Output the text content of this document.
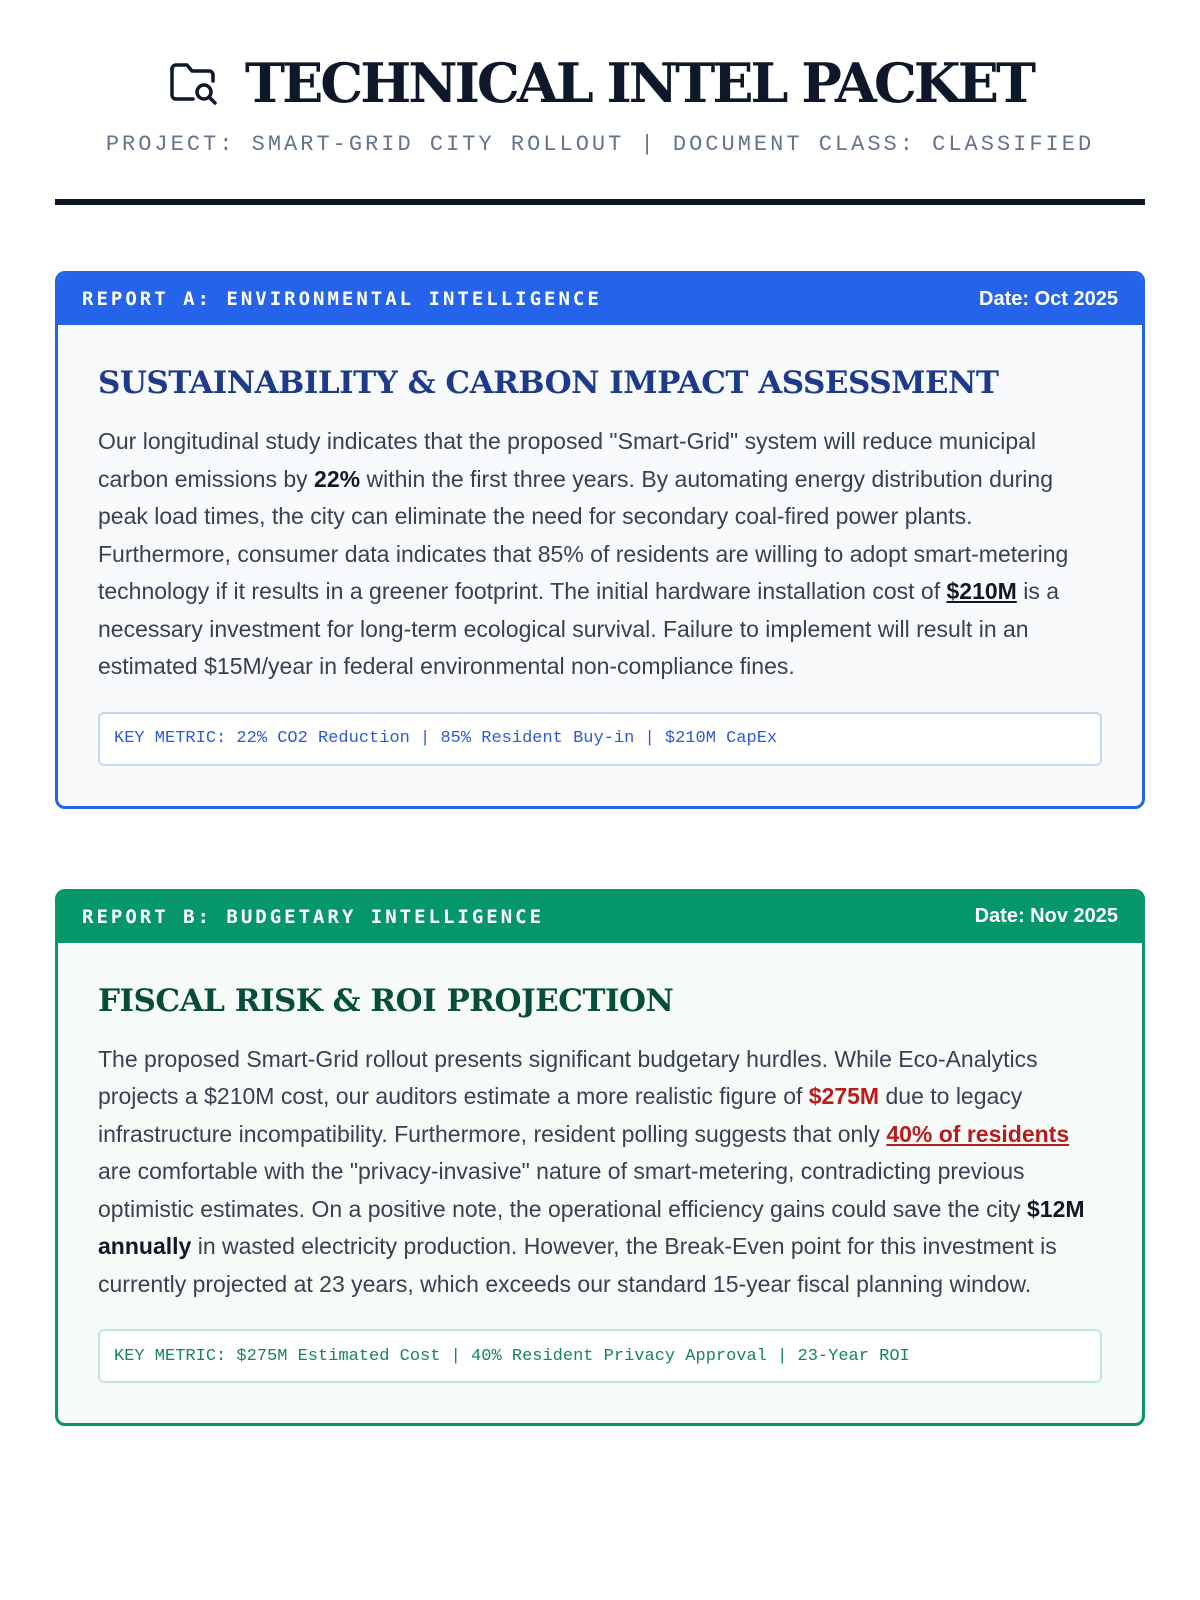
TECHNICAL INTEL PACKET
PROJECT: SMART-GRID CITY ROLLOUT | DOCUMENT CLASS: CLASSIFIED
REPORT A: ENVIRONMENTAL INTELLIGENCE	Date: Oct 2025
SUSTAINABILITY & CARBON IMPACT ASSESSMENT

Our longitudinal study indicates that the proposed "Smart-Grid" system will reduce municipal carbon emissions by 22% within the first three years. By automating energy distribution during peak load times, the city can eliminate the need for secondary coal-fired power plants. Furthermore, consumer data indicates that 85% of residents are willing to adopt smart-metering technology if it results in a greener footprint. The initial hardware installation cost of $210M is a necessary investment for long-term ecological survival. Failure to implement will result in an estimated $15M/year in federal environmental non-compliance fines.

KEY METRIC: 22% CO2 Reduction | 85% Resident Buy-in | $210M CapEx
REPORT B: BUDGETARY INTELLIGENCE	Date: Nov 2025
FISCAL RISK & ROI PROJECTION

The proposed Smart-Grid rollout presents significant budgetary hurdles. While Eco-Analytics projects a $210M cost, our auditors estimate a more realistic figure of $275M due to legacy infrastructure incompatibility. Furthermore, resident polling suggests that only 40% of residents are comfortable with the "privacy-invasive" nature of smart-metering, contradicting previous optimistic estimates. On a positive note, the operational efficiency gains could save the city $12M annually in wasted electricity production. However, the Break-Even point for this investment is currently projected at 23 years, which exceeds our standard 15-year fiscal planning window.

KEY METRIC: $275M Estimated Cost | 40% Resident Privacy Approval | 23-Year ROI
